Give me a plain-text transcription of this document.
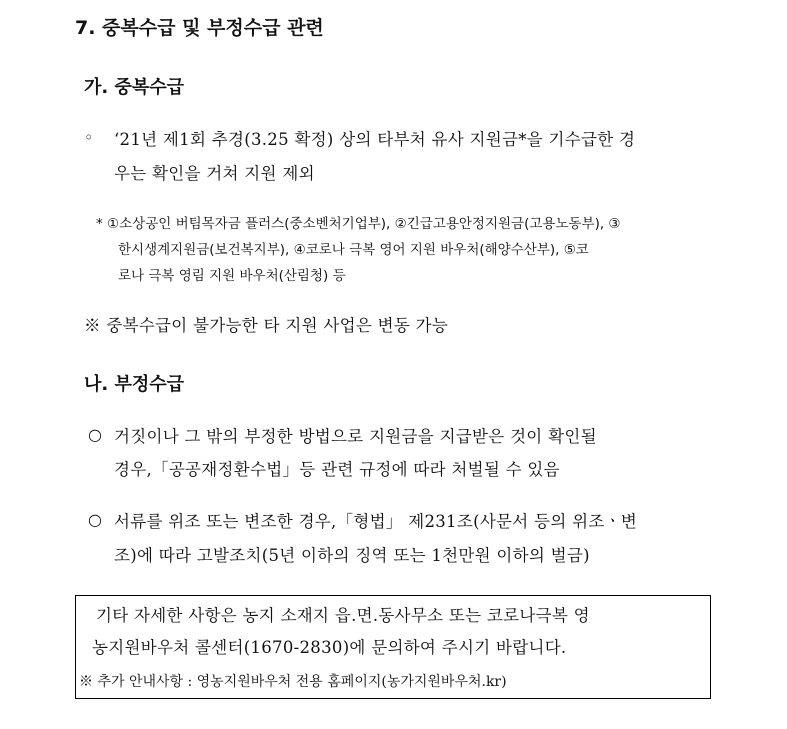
7. 중복수급 및 부정수급 관련
가. 중복수급
◦ ‘21년 제1회 추경(3.25 확정) 상의 타부처 유사 지원금*을 기수급한 경
우는 확인을 거쳐 지원 제외
* ①소상공인 버팀목자금 플러스(중소벤처기업부), ②긴급고용안정지원금(고용노동부), ③
한시생계지원금(보건복지부), ④코로나 극복 영어 지원 바우처(해양수산부), ⑤코
로나 극복 영림 지원 바우처(산림청) 등
※ 중복수급이 불가능한 타 지원 사업은 변동 가능
나. 부정수급
○ 거짓이나 그 밖의 부정한 방법으로 지원금을 지급받은 것이 확인될
경우,「공공재정환수법」등 관련 규정에 따라 처벌될 수 있음
○ 서류를 위조 또는 변조한 경우,「형법」 제231조(사문서 등의 위조ㆍ변
조)에 따라 고발조치(5년 이하의 징역 또는 1천만원 이하의 벌금)
기타 자세한 사항은 농지 소재지 읍.면.동사무소 또는 코로나극복 영
농지원바우처 콜센터(1670-2830)에 문의하여 주시기 바랍니다.
※ 추가 안내사항 : 영농지원바우처 전용 홈페이지(농가지원바우처.kr)
